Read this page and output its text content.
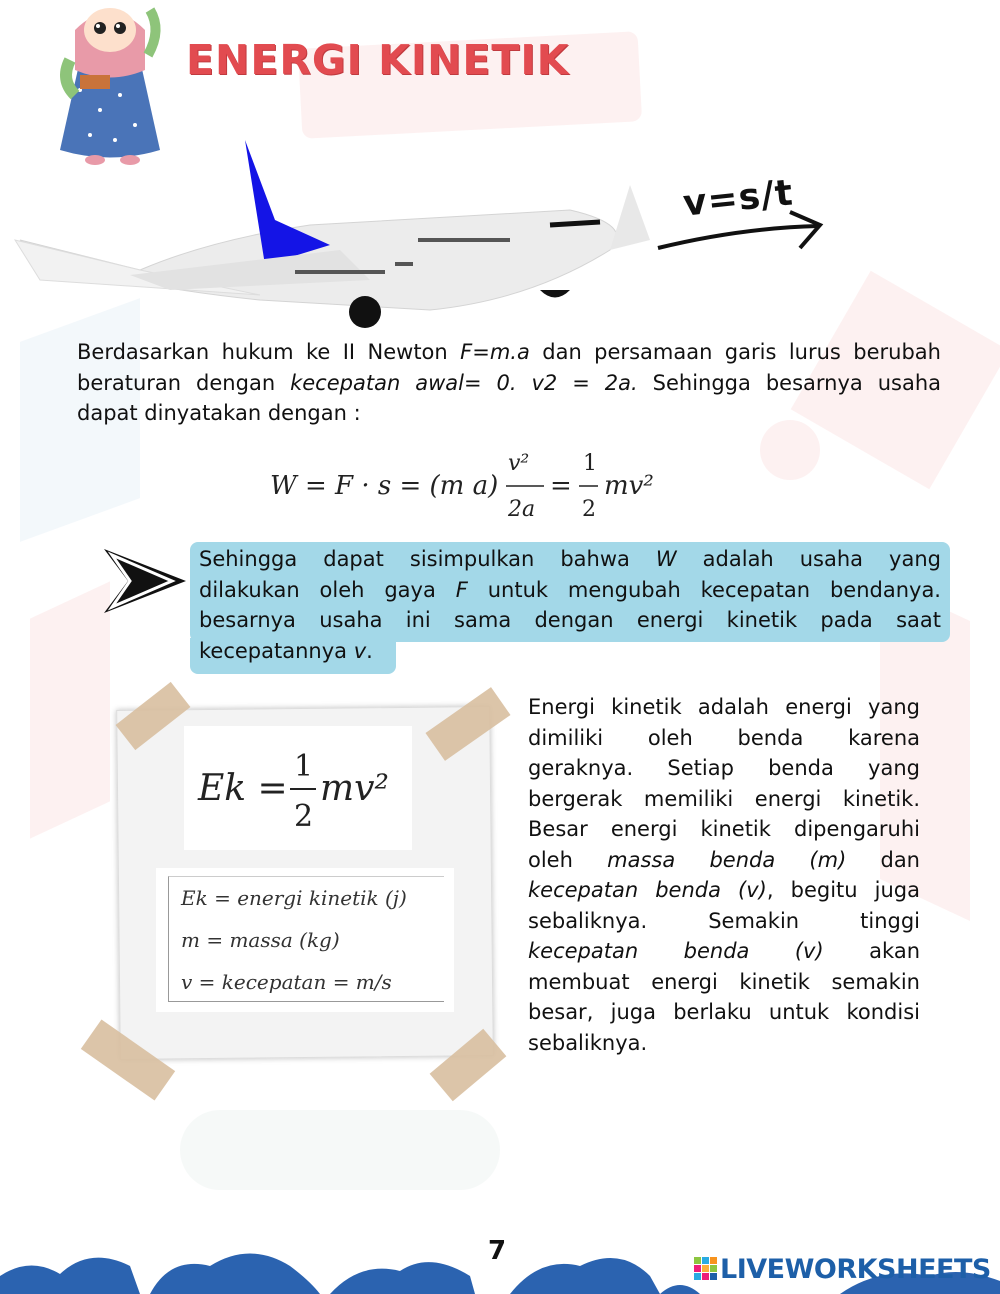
ENERGI KINETIK
v=s/t
Berdasarkan hukum ke II Newton F=m.a dan persamaan garis lurus berubah
beraturan dengan kecepatan awal= 0. v2 = 2a. Sehingga besarnya usaha
dapat dinyatakan dengan :
W = F · s = (m a)
v²
2a
=
1
2
mv²
Sehingga dapat sisimpulkan bahwa W adalah usaha yang
dilakukan oleh gaya F untuk mengubah kecepatan bendanya.
besarnya usaha ini sama dengan energi kinetik pada saat
kecepatannya v.
Ek =
1
2
mv²
Ek = energi kinetik (j)
m = massa (kg)
v = kecepatan = m/s
Energi kinetik adalah energi yang
dimiliki oleh benda karena
geraknya. Setiap benda yang
bergerak memiliki energi kinetik.
Besar energi kinetik dipengaruhi
oleh massa benda (m) dan
kecepatan benda (v), begitu juga
sebaliknya. Semakin tinggi
kecepatan benda (v) akan
membuat energi kinetik semakin
besar, juga berlaku untuk kondisi
sebaliknya.
7
LIVEWORKSHEETS
